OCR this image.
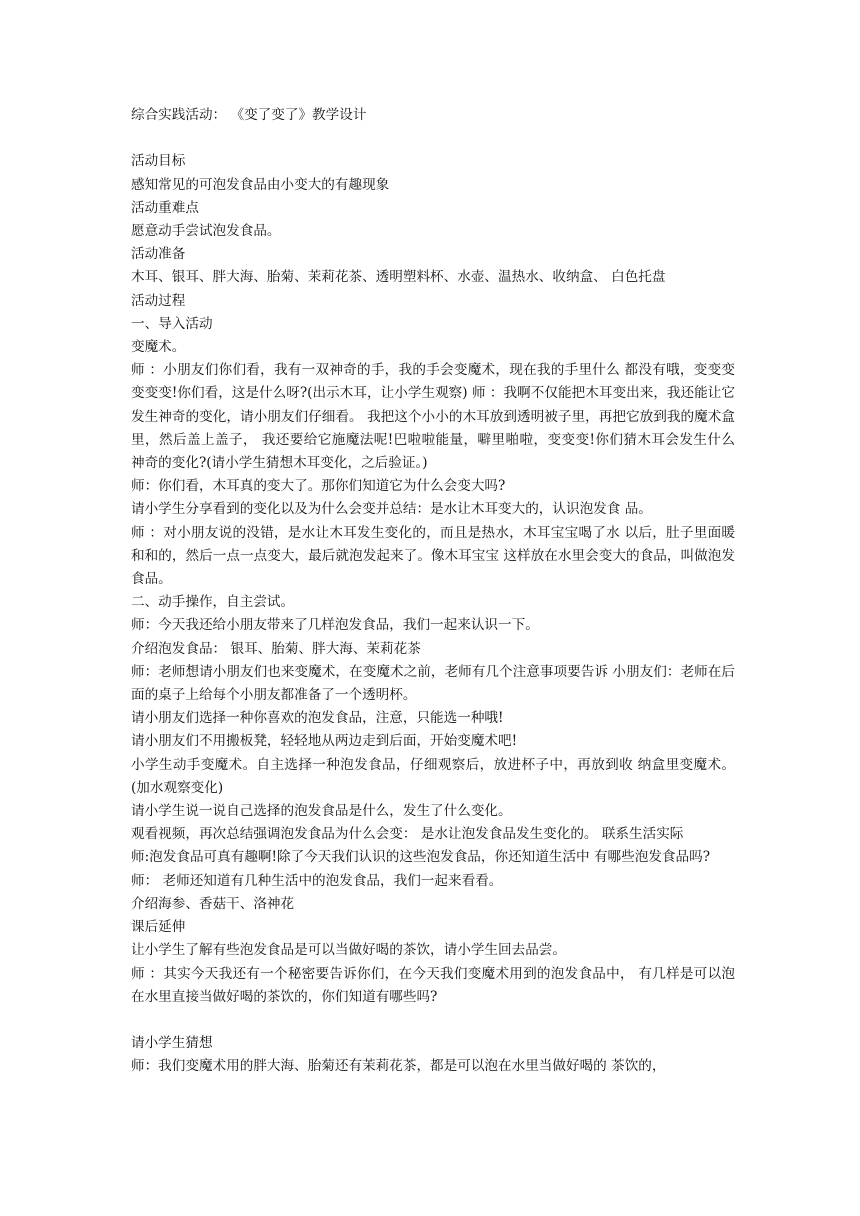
综合实践活动： 《变了变了》教学设计

活动目标

感知常见的可泡发食品由小变大的有趣现象

活动重难点

愿意动手尝试泡发食品。

活动准备

木耳、银耳、胖大海、胎菊、茉莉花茶、透明塑料杯、水壶、温热水、收纳盒、 白色托盘

活动过程

一、导入活动

变魔术。

师 ：小朋友们你们看，我有一双神奇的手，我的手会变魔术，现在我的手里什么 都没有哦，变变变变变变!你们看，这是什么呀?(出示木耳，让小学生观察) 师 ：我啊不仅能把木耳变出来，我还能让它发生神奇的变化，请小朋友们仔细看。 我把这个小小的木耳放到透明被子里，再把它放到我的魔术盒里，然后盖上盖子， 我还要给它施魔法呢!巴啦啦能量，噼里啪啦，变变变!你们猜木耳会发生什么 神奇的变化?(请小学生猜想木耳变化，之后验证。)

师：你们看，木耳真的变大了。那你们知道它为什么会变大吗?

请小学生分享看到的变化以及为什么会变并总结：是水让木耳变大的，认识泡发食 品。

师 ：对小朋友说的没错，是水让木耳发生变化的，而且是热水，木耳宝宝喝了水 以后，肚子里面暖和和的，然后一点一点变大，最后就泡发起来了。像木耳宝宝 这样放在水里会变大的食品，叫做泡发食品。

二、动手操作，自主尝试。

师：今天我还给小朋友带来了几样泡发食品，我们一起来认识一下。

介绍泡发食品： 银耳、胎菊、胖大海、茉莉花茶

师：老师想请小朋友们也来变魔术，在变魔术之前，老师有几个注意事项要告诉 小朋友们：老师在后面的桌子上给每个小朋友都准备了一个透明杯。

请小朋友们选择一种你喜欢的泡发食品，注意，只能选一种哦!

请小朋友们不用搬板凳，轻轻地从两边走到后面，开始变魔术吧!

小学生动手变魔术。自主选择一种泡发食品，仔细观察后，放进杯子中，再放到收 纳盒里变魔术。 (加水观察变化)

请小学生说一说自己选择的泡发食品是什么，发生了什么变化。

观看视频，再次总结强调泡发食品为什么会变： 是水让泡发食品发生变化的。 联系生活实际

师:泡发食品可真有趣啊!除了今天我们认识的这些泡发食品，你还知道生活中 有哪些泡发食品吗?

师： 老师还知道有几种生活中的泡发食品，我们一起来看看。

介绍海参、香菇干、洛神花

课后延伸

让小学生了解有些泡发食品是可以当做好喝的茶饮，请小学生回去品尝。

师 ：其实今天我还有一个秘密要告诉你们，在今天我们变魔术用到的泡发食品中， 有几样是可以泡在水里直接当做好喝的茶饮的，你们知道有哪些吗?

请小学生猜想

师：我们变魔术用的胖大海、胎菊还有茉莉花茶，都是可以泡在水里当做好喝的 茶饮的，
